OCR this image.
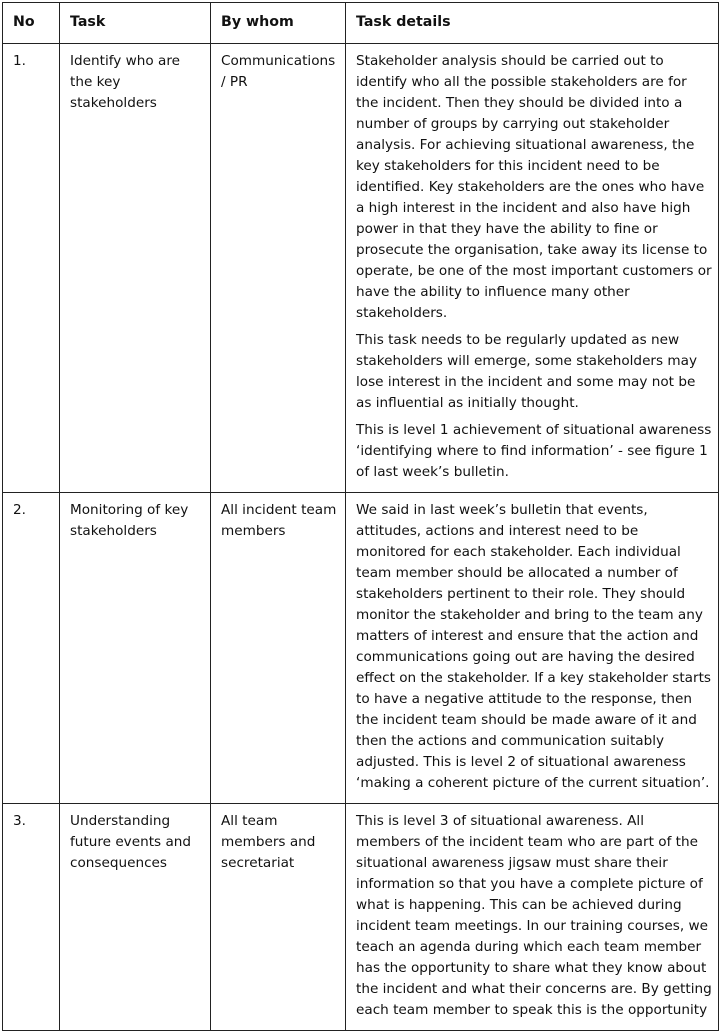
No	Task	By whom	Task details
1.	Identify who are the key stakeholders	Communications / PR	Stakeholder analysis should be carried out to identify who all the possible stakeholders are for the incident. Then they should be divided into a number of groups by carrying out stakeholder analysis. For achieving situational awareness, the key stakeholders for this incident need to be identified. Key stakeholders are the ones who have a high interest in the incident and also have high power in that they have the ability to fine or prosecute the organisation, take away its license to operate, be one of the most important customers or have the ability to influence many other stakeholders.

This task needs to be regularly updated as new stakeholders will emerge, some stakeholders may lose interest in the incident and some may not be as influential as initially thought.

This is level 1 achievement of situational awareness ‘identifying where to find information’ - see figure 1 of last week’s bulletin.

2.	Monitoring of key stakeholders	All incident team members	We said in last week’s bulletin that events, attitudes, actions and interest need to be monitored for each stakeholder. Each individual team member should be allocated a number of stakeholders pertinent to their role. They should monitor the stakeholder and bring to the team any matters of interest and ensure that the action and communications going out are having the desired effect on the stakeholder. If a key stakeholder starts to have a negative attitude to the response, then the incident team should be made aware of it and then the actions and communication suitably adjusted. This is level 2 of situational awareness ‘making a coherent picture of the current situation’.

3.	Understanding future events and consequences	All team members and secretariat	This is level 3 of situational awareness. All members of the incident team who are part of the situational awareness jigsaw must share their information so that you have a complete picture of what is happening. This can be achieved during incident team meetings. In our training courses, we teach an agenda during which each team member has the opportunity to share what they know about the incident and what their concerns are. By getting each team member to speak this is the opportunity
